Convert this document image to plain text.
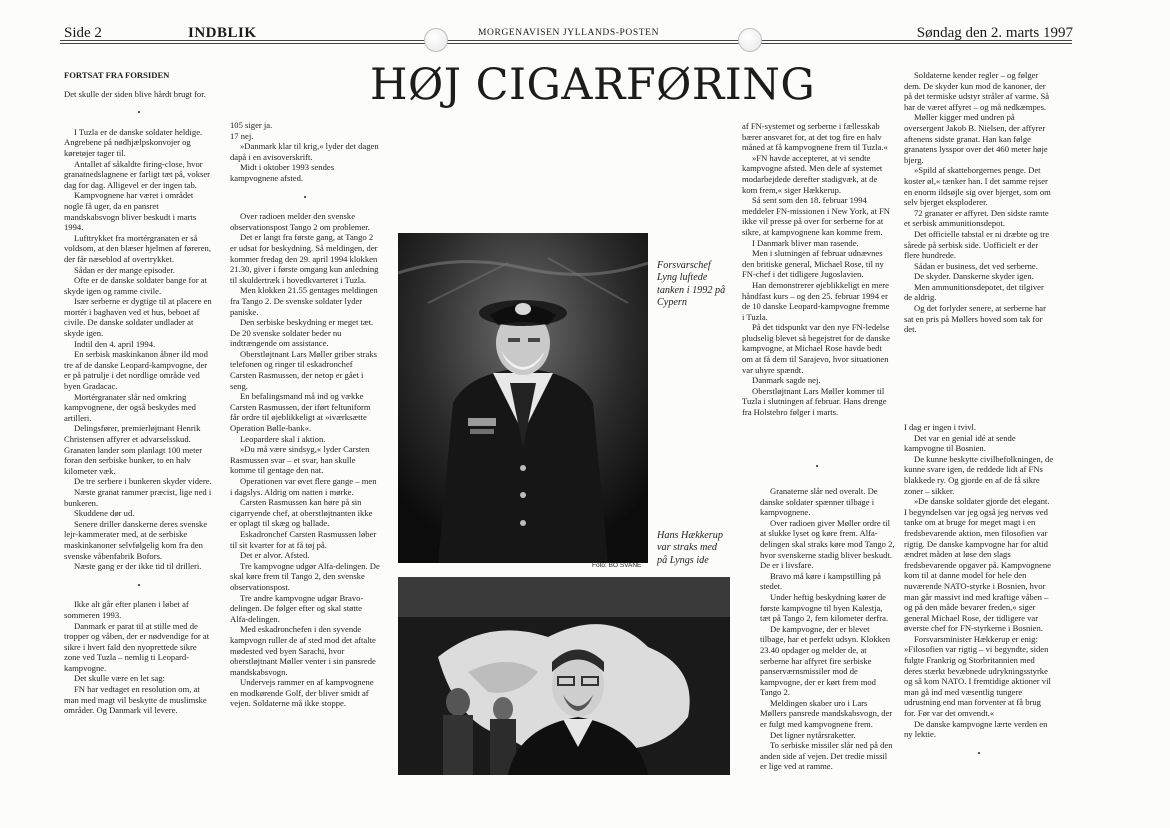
Side 2	INDBLIK	MORGENAVISEN JYLLANDS-POSTEN	Søndag den 2. marts 1997
HØJ CIGARFØRING

FORTSAT FRA FORSIDEN

Det skulle der siden blive hårdt brugt for.

•

I Tuzla er de danske soldater heldige. Angrebene på nødhjælpskonvojer og køretøjer tager til.

Antallet af såkaldte firing-close, hvor granatnedslagnene er farligt tæt på, vokser dag for dag. Alligevel er der ingen tab.

Kampvognene har været i området nogle få uger, da en pansret mandskabsvogn bliver beskudt i marts 1994.

Lufttrykket fra mortérgranaten er så voldsom, at den blæser hjelmen af føreren, der får næseblod af overtrykket.

Sådan er der mange episoder.

Ofte er de danske soldater bange for at skyde igen og ramme civile.

Især serberne er dygtige til at placere en mortér i baghaven ved et hus, beboet af civile. De danske soldater undlader at skyde igen.

Indtil den 4. april 1994.

En serbisk maskinkanon åbner ild mod tre af de danske Leopard-kampvogne, der er på patrulje i det nordlige område ved byen Gradacac.

Mortérgranater slår ned omkring kampvognene, der også beskydes med artilleri.

Delingsfører, premierløjtnant Henrik Christensen affyrer et advarselsskud. Granaten lander som planlagt 100 meter foran den serbiske bunker, to en halv kilometer væk.

De tre serbere i bunkeren skyder videre.

Næste granat rammer præcist, lige ned i bunkeren.

Skuddene dør ud.

Senere driller danskerne deres svenske lejr-kammerater med, at de serbiske maskinkanoner selvfølgelig kom fra den svenske våbenfabrik Bofors.

Næste gang er der ikke tid til drilleri.

•

Ikke alt går efter planen i løbet af sommeren 1993.

Danmark er parat til at stille med de tropper og våben, der er nødvendige for at sikre i hvert fald den nyoprettede sikre zone ved Tuzla – nemlig ti Leopard-kampvogne.

Det skulle være en let sag:

FN har vedtaget en resolution om, at man med magt vil beskytte de muslimske områder. Og Danmark vil levere.

105 siger ja.

17 nej.

»Danmark klar til krig,« lyder det dagen dapå i en avisoverskrift.

Midt i oktober 1993 sendes kampvognene afsted.

•

Over radioen melder den svenske observationspost Tango 2 om problemer.

Det er langt fra første gang, at Tango 2 er udsat for beskydning. Så meldingen, der kommer fredag den 29. april 1994 klokken 21.30, giver i første omgang kun anledning til skuldertræk i hovedkvarteret i Tuzla.

Men klokken 21.55 gentages meldingen fra Tango 2. De svenske soldater lyder paniske.

Den serbiske beskydning er meget tæt. De 20 svenske soldater beder nu indtrængende om assistance.

Oberstløjtnant Lars Møller griber straks telefonen og ringer til eskadronchef Carsten Rasmussen, der netop er gået i seng.

En befalingsmand må ind og vække Carsten Rasmussen, der iført feltuniform får ordre til øjeblikkeligt at »iværksætte Operation Bølle-bank«.

Leopardere skal i aktion.

»Du må være sindsyg,« lyder Carsten Rasmussen svar – et svar, han skulle komme til gentage den nat.

Operationen var øvet flere gange – men i dagslys. Aldrig om natten i mørke.

Carsten Rasmussen kan høre på sin cigarryende chef, at oberstløjtnanten ikke er oplagt til skæg og ballade.

Eskadronchef Carsten Rasmussen løber til sit kvarter for at få tøj på.

Det er alvor. Afsted.

Tre kampvogne udgør Alfa-delingen. De skal køre frem til Tango 2, den svenske observationspost.

Tre andre kampvogne udgør Bravo-delingen. De følger efter og skal støtte Alfa-delingen.

Med eskadronchefen i den syvende kampvogn ruller de af sted mod det aftalte mødested ved byen Sarachi, hvor oberstløjtnant Møller venter i sin pansrede mandskabsvogn.

Undervejs rammer en af kampvognene en modkørende Golf, der bliver smidt af vejen. Soldaterne må ikke stoppe.

Forsvarschef Lyng luftede tanken i 1992 på Cypern
Hans Hækkerup var straks med på Lyngs ide
Foto: BO SVANE

af FN-systemet og serberne i fællesskab bærer ansvaret for, at det tog fire en halv måned at få kampvognene frem til Tuzla.«

»FN havde accepteret, at vi sendte kampvogne afsted. Men dele af systemet modarbejdede derefter stadigvæk, at de kom frem,« siger Hækkerup.

Så sent som den 18. februar 1994 meddeler FN-missionen i New York, at FN ikke vil presse på over for serberne for at sikre, at kampvognene kan komme frem.

I Danmark bliver man rasende.

Men i slutningen af februar udnævnes den britiske general, Michael Rose, til ny FN-chef i det tidligere Jugoslavien.

Han demonstrerer øjeblikkeligt en mere håndfast kurs – og den 25. februar 1994 er de 10 danske Leopard-kampvogne fremme i Tuzla.

På det tidspunkt var den nye FN-ledelse pludselig blevet så begejstret for de danske kampvogne, at Michael Rose havde bedt om at få dem til Sarajevo, hvor situationen var uhyre spændt.

Danmark sagde nej.

Oberstløjtnant Lars Møller kommer til Tuzla i slutningen af februar. Hans drenge fra Holstebro følger i marts.

•

Granaterne slår ned overalt. De danske soldater spænner tilbage i kampvognene.

Over radioen giver Møller ordre til at slukke lyset og køre frem. Alfa-delingen skal straks køre mod Tango 2, hvor svenskerne stadig bliver beskudt. De er i livsfare.

Bravo må køre i kampstilling på stedet.

Under heftig beskydning kører de første kampvogne til byen Kalestja, tæt på Tango 2, fem kilometer derfra.

De kampvogne, der er blevet tilbage, har et perfekt udsyn. Klokken 23.40 opdager og melder de, at serberne har affyret fire serbiske panserværnsmissiler mod de kampvogne, der er kørt frem mod Tango 2.

Meldingen skaber uro i Lars Møllers pansrede mandskabsvogn, der er fulgt med kampvognene frem.

Det ligner nytårsraketter.

To serbiske missiler slår ned på den anden side af vejen. Det tredie missil er lige ved at ramme.

Soldaterne kender regler – og følger dem. De skyder kun mod de kanoner, der på det termiske udstyr stråler af varme. Så har de været affyret – og må nedkæmpes.

Møller kigger med undren på oversergent Jakob B. Nielsen, der affyrer aftenens sidste granat. Han kan følge granatens lysspor over det 460 meter høje bjerg.

»Spild af skatteborgernes penge. Det koster øl,« tænker han. I det samme rejser en enorm ildsøjle sig over bjerget, som om selv bjerget eksploderer.

72 granater er affyret. Den sidste ramte et serbisk ammunitionsdepot.

Det officielle tabstal er ni dræbte og tre sårede på serbisk side. Uofficielt er der flere hundrede.

Sådan er business, det ved serberne.

De skyder. Danskerne skyder igen.

Men ammunitionsdepotet, det tilgiver de aldrig.

Og det forlyder senere, at serberne har sat en pris på Møllers hoved som tak for det.

I dag er ingen i tvivl.

Det var en genial idé at sende kampvogne til Bosnien.

De kunne beskytte civilbefolkningen, de kunne svare igen, de reddede lidt af FNs blakkede ry. Og gjorde en af de få sikre zoner – sikker.

»De danske soldater gjorde det elegant. I begyndelsen var jeg også jeg nervøs ved tanke om at bruge for meget magt i en fredsbevarende aktion, men filosofien var rigtig. De danske kampvogne har for altid ændret måden at løse den slags fredsbevarende opgaver på. Kampvognene kom til at danne model for hele den nuværende NATO-styrke i Bosnien, hvor man går massivt ind med kraftige våben – og på den måde bevarer freden,« siger general Michael Rose, der tidligere var øverste chef for FN-styrkerne i Bosnien.

Forsvarsminister Hækkerup er enig: »Filosofien var rigtig – vi begyndte, siden fulgte Frankrig og Storbritannien med deres stærkt bevæbnede udrykningsstyrke og så kom NATO. I fremtidige aktioner vil man gå ind med væsentlig tungere udrustning end man forventer at få brug for. Før var det omvendt.«

De danske kampvogne lærte verden en ny lektie.

•
